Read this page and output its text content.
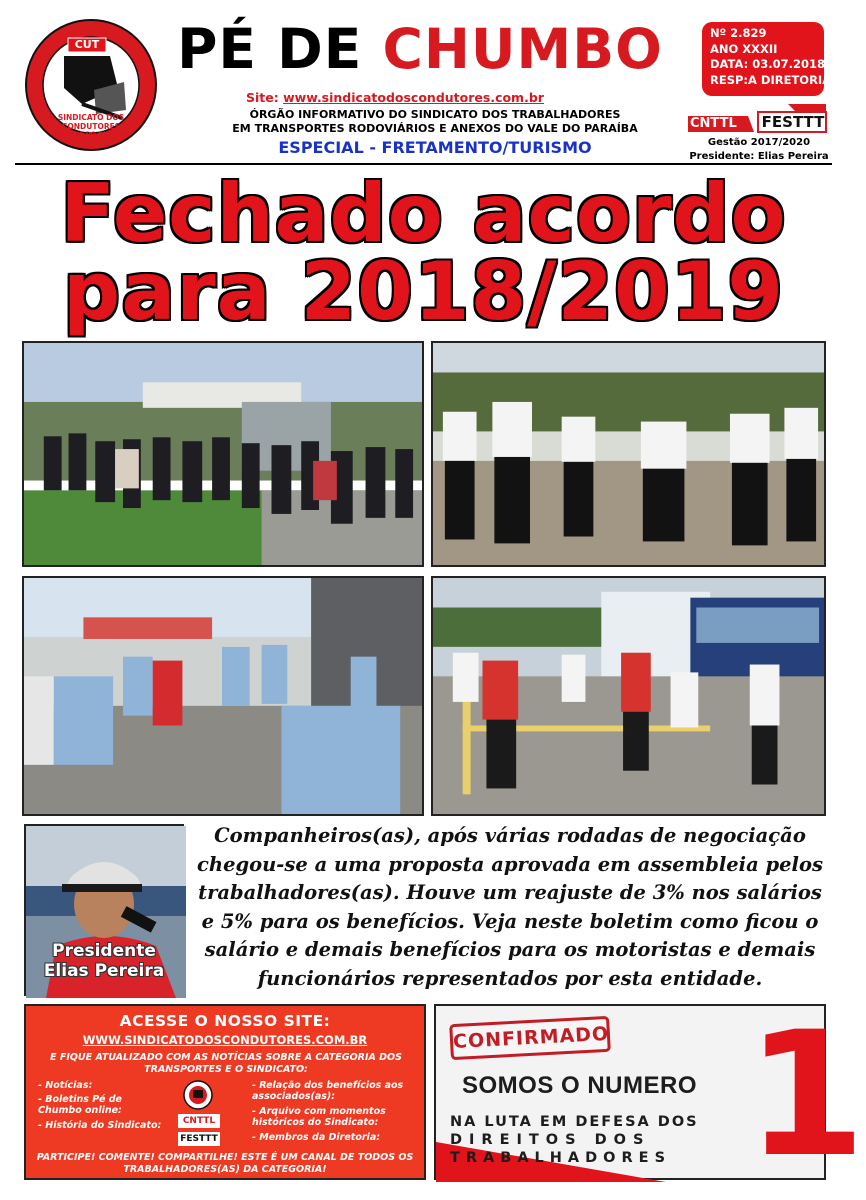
CUT
SINDICATO DOS
CONDUTORES
DO VALE DO PARAIBA
PÉ DE CHUMBO
Site: www.sindicatodoscondutores.com.br
ÓRGÃO INFORMATIVO DO SINDICATO DOS TRABALHADORES
EM TRANSPORTES RODOVIÁRIOS E ANEXOS DO VALE DO PARAÍBA
ESPECIAL - FRETAMENTO/TURISMO
Nº 2.829
ANO XXXII
DATA: 03.07.2018
RESP:A DIRETORIA
CNTTL	FESTTT
Gestão 2017/2020
Presidente: Elias Pereira
Fechado acordo
para 2018/2019
Presidente
Elias Pereira
Companheiros(as), após várias rodadas de negociação chegou-se a uma proposta aprovada em assembleia pelos trabalhadores(as). Houve um reajuste de 3% nos salários e 5% para os benefícios. Veja neste boletim como ficou o salário e demais benefícios para os motoristas e demais funcionários representados por esta entidade.
ACESSE O NOSSO SITE:
WWW.SINDICATODOSCONDUTORES.COM.BR
E FIQUE ATUALIZADO COM AS NOTÍCIAS SOBRE A CATEGORIA DOS TRANSPORTES E O SINDICATO:
- Notícias:
- Boletins Pé de Chumbo online:
- História do Sindicato:	CNTTL
FESTTT
- Relação dos benefícios aos associados(as):
- Arquivo com momentos históricos do Sindicato:
- Membros da Diretoria:
PARTICIPE! COMENTE! COMPARTILHE! ESTE É UM CANAL DE TODOS OS TRABALHADORES(AS) DA CATEGORIA!	1
CONFIRMADO
SOMOS O NUMERO
NA LUTA EM DEFESA DOS
DIREITOS DOS
TRABALHADORES
